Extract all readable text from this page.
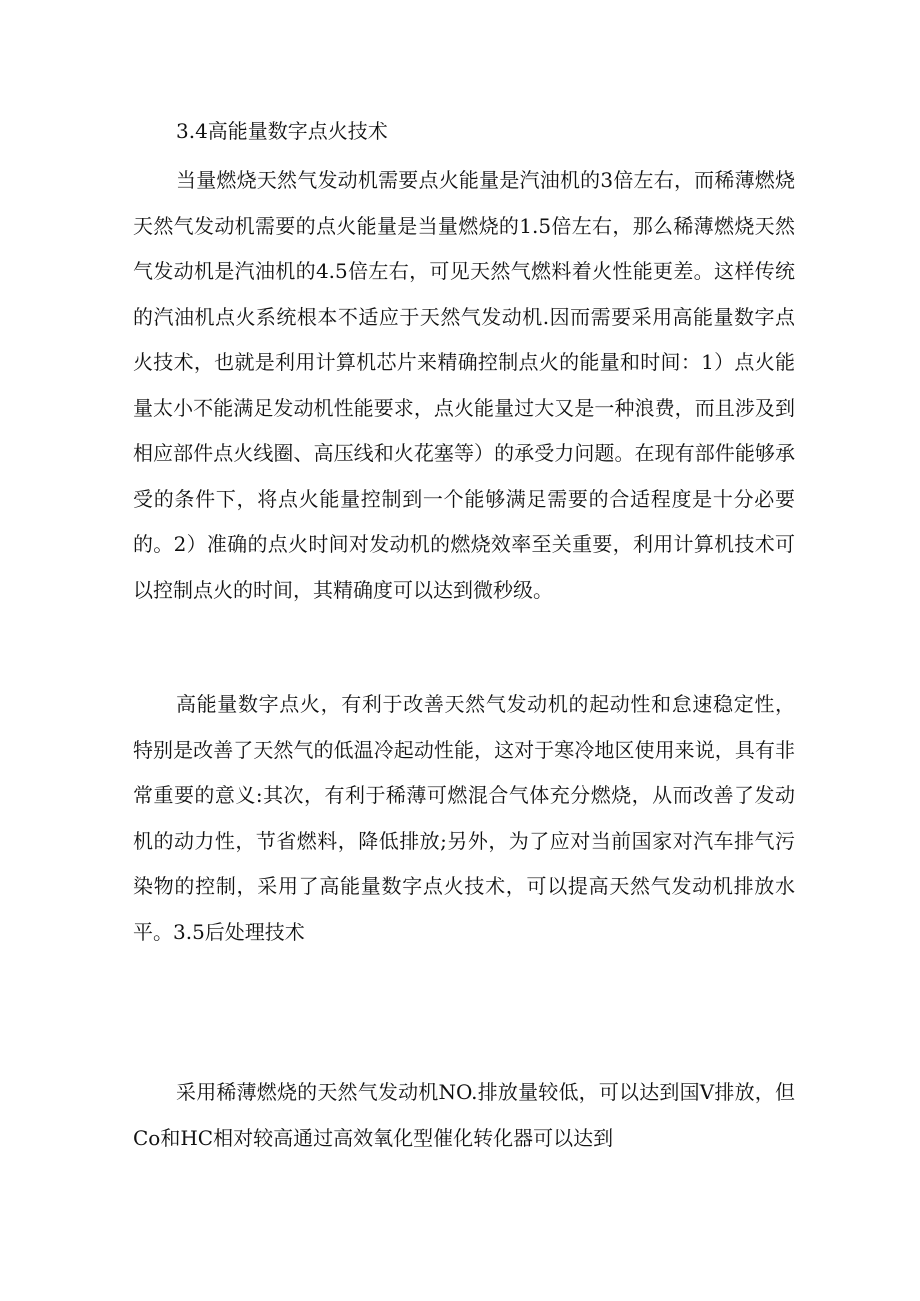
3.4高能量数字点火技术

当量燃烧天然气发动机需要点火能量是汽油机的3倍左右，而稀薄燃烧天然气发动机需要的点火能量是当量燃烧的1.5倍左右，那么稀薄燃烧天然气发动机是汽油机的4.5倍左右，可见天然气燃料着火性能更差。这样传统的汽油机点火系统根本不适应于天然气发动机.因而需要采用高能量数字点火技术，也就是利用计算机芯片来精确控制点火的能量和时间：1）点火能量太小不能满足发动机性能要求，点火能量过大又是一种浪费，而且涉及到相应部件点火线圈、高压线和火花塞等）的承受力问题。在现有部件能够承受的条件下，将点火能量控制到一个能够满足需要的合适程度是十分必要的。2）准确的点火时间对发动机的燃烧效率至关重要，利用计算机技术可以控制点火的时间，其精确度可以达到微秒级。

高能量数字点火，有利于改善天然气发动机的起动性和怠速稳定性，特别是改善了天然气的低温冷起动性能，这对于寒冷地区使用来说，具有非常重要的意义:其次，有利于稀薄可燃混合气体充分燃烧，从而改善了发动机的动力性，节省燃料，降低排放;另外，为了应对当前国家对汽车排气污染物的控制，采用了高能量数字点火技术，可以提高天然气发动机排放水平。3.5后处理技术

采用稀薄燃烧的天然气发动机NO.排放量较低，可以达到国V排放，但Co和HC相对较高通过高效氧化型催化转化器可以达到
